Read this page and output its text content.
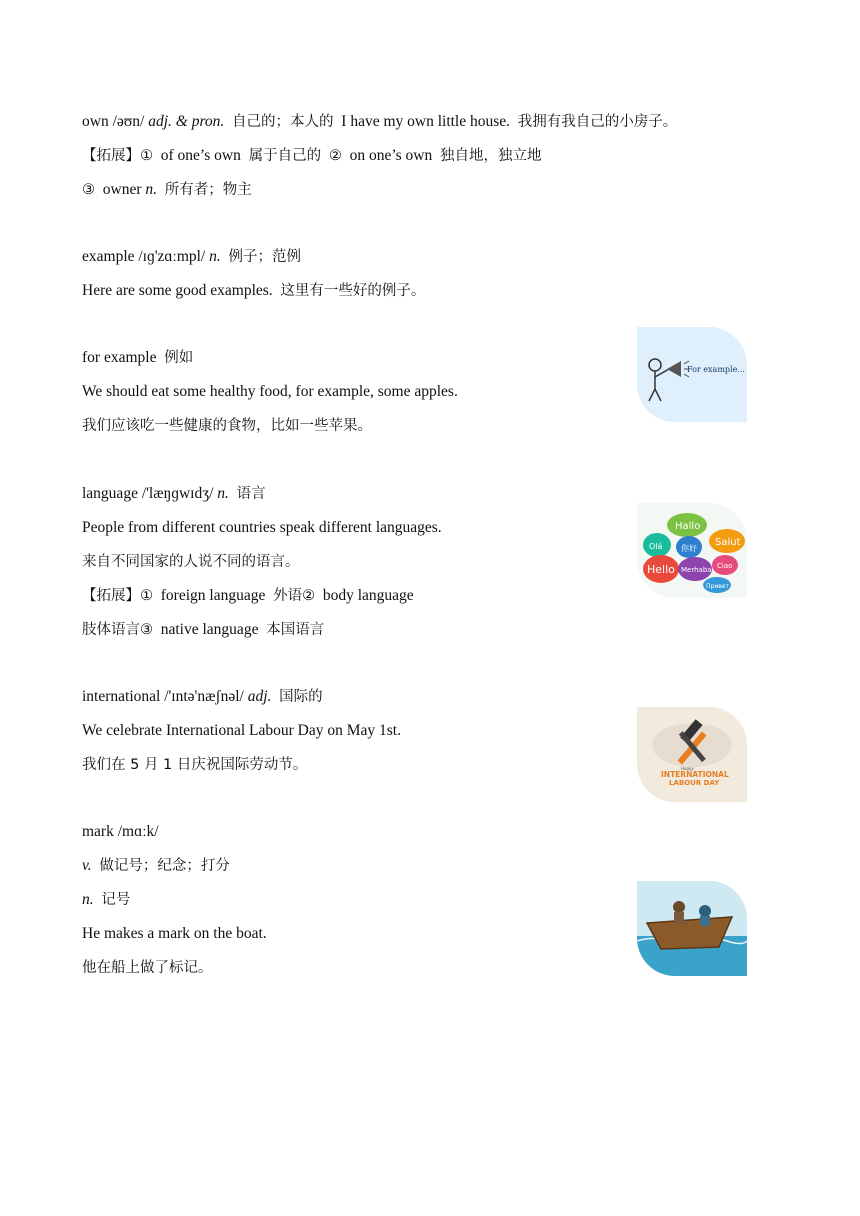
own /əʊn/ adj. & pron. 自己的；本人的 I have my own little house. 我拥有我自己的小房子。
【拓展】① of one’s own 属于自己的 ② on one’s own 独自地，独立地
③ owner n. 所有者；物主
example /ɪɡ'zɑːmpl/ n. 例子；范例
Here are some good examples. 这里有一些好的例子。
for example 例如
We should eat some healthy food, for example, some apples.
我们应该吃一些健康的食物，比如一些苹果。
For example...
language /'læŋɡwɪdʒ/ n. 语言
People from different countries speak different languages.
来自不同国家的人说不同的语言。
【拓展】① foreign language 外语② body language
肢体语言③ native language 本国语言
Hallo
Olá	Salut
Hello Merhaba Ciao
Привет
你好
international /'ɪntə'næʃnəl/ adj. 国际的
We celebrate International Labour Day on May 1st.
我们在 5 月 1 日庆祝国际劳动节。	Happy
INTERNATIONAL
LABOUR DAY
mark /mɑːk/
v. 做记号；纪念；打分
n. 记号
He makes a mark on the boat.
他在船上做了标记。
